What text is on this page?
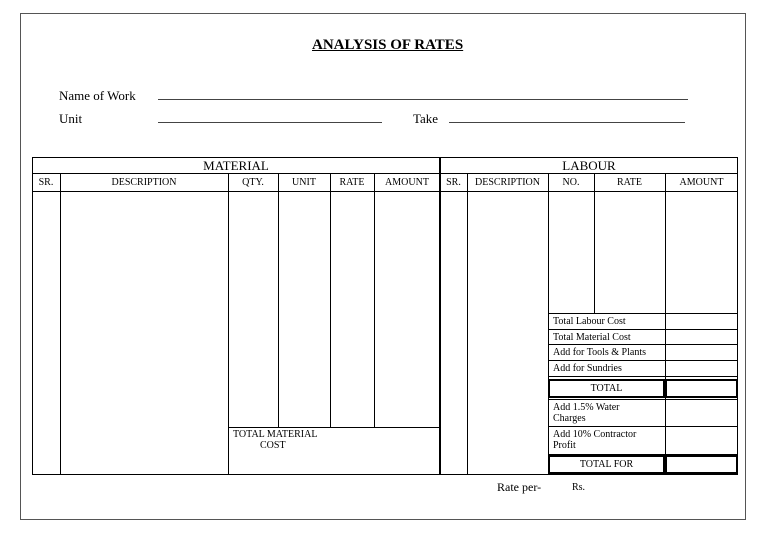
ANALYSIS OF RATES
Name of Work
Unit	Take
MATERIAL
SR.	DESCRIPTION	QTY.	UNIT	RATE	AMOUNT
TOTAL MATERIAL
COST
LABOUR
SR.	DESCRIPTION	NO.	RATE	AMOUNT
Total Labour Cost
Total Material Cost
Add for Tools & Plants
Add for Sundries
TOTAL
Add 1.5% Water
Charges
Add 10% Contractor
Profit
TOTAL FOR
Rate per-	Rs.
